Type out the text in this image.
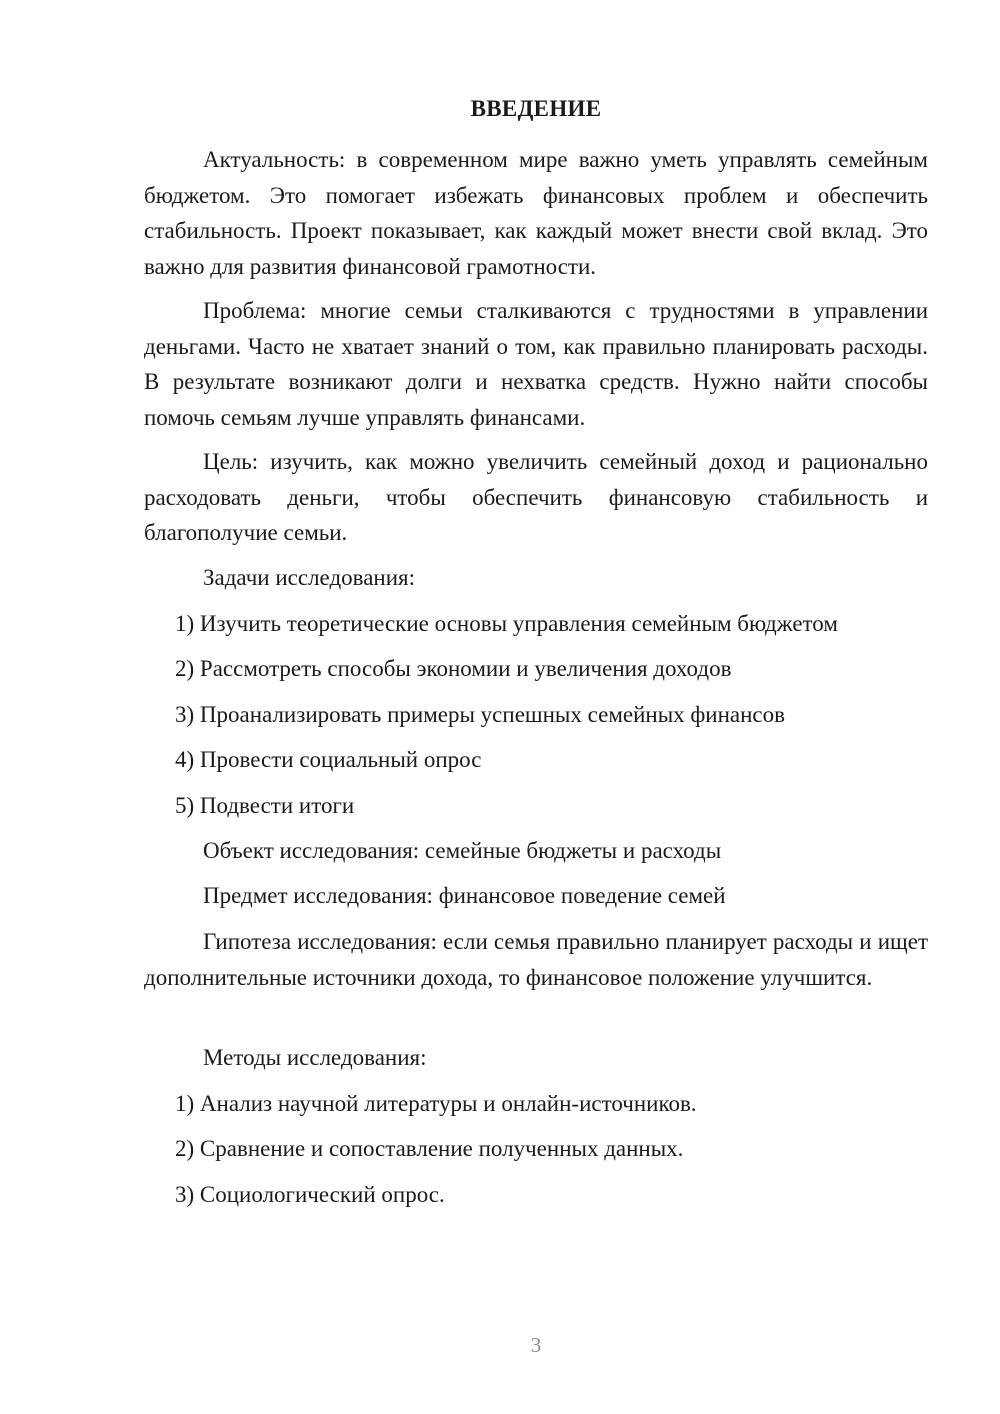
ВВЕДЕНИЕ

Актуальность: в современном мире важно уметь управлять семейным бюджетом. Это помогает избежать финансовых проблем и обеспечить стабильность. Проект показывает, как каждый может внести свой вклад. Это важно для развития финансовой грамотности.

Проблема: многие семьи сталкиваются с трудностями в управлении деньгами. Часто не хватает знаний о том, как правильно планировать расходы. В результате возникают долги и нехватка средств. Нужно найти способы помочь семьям лучше управлять финансами.

Цель: изучить, как можно увеличить семейный доход и рационально расходовать деньги, чтобы обеспечить финансовую стабильность и благополучие семьи.

Задачи исследования:
1) Изучить теоретические основы управления семейным бюджетом
2) Рассмотреть способы экономии и увеличения доходов
3) Проанализировать примеры успешных семейных финансов
4) Провести социальный опрос
5) Подвести итоги
Объект исследования: семейные бюджеты и расходы
Предмет исследования: финансовое поведение семей

Гипотеза исследования: если семья правильно планирует расходы и ищет дополнительные источники дохода, то финансовое положение улучшится.

Методы исследования:
1) Анализ научной литературы и онлайн-источников.
2) Сравнение и сопоставление полученных данных.
3) Социологический опрос.
3
